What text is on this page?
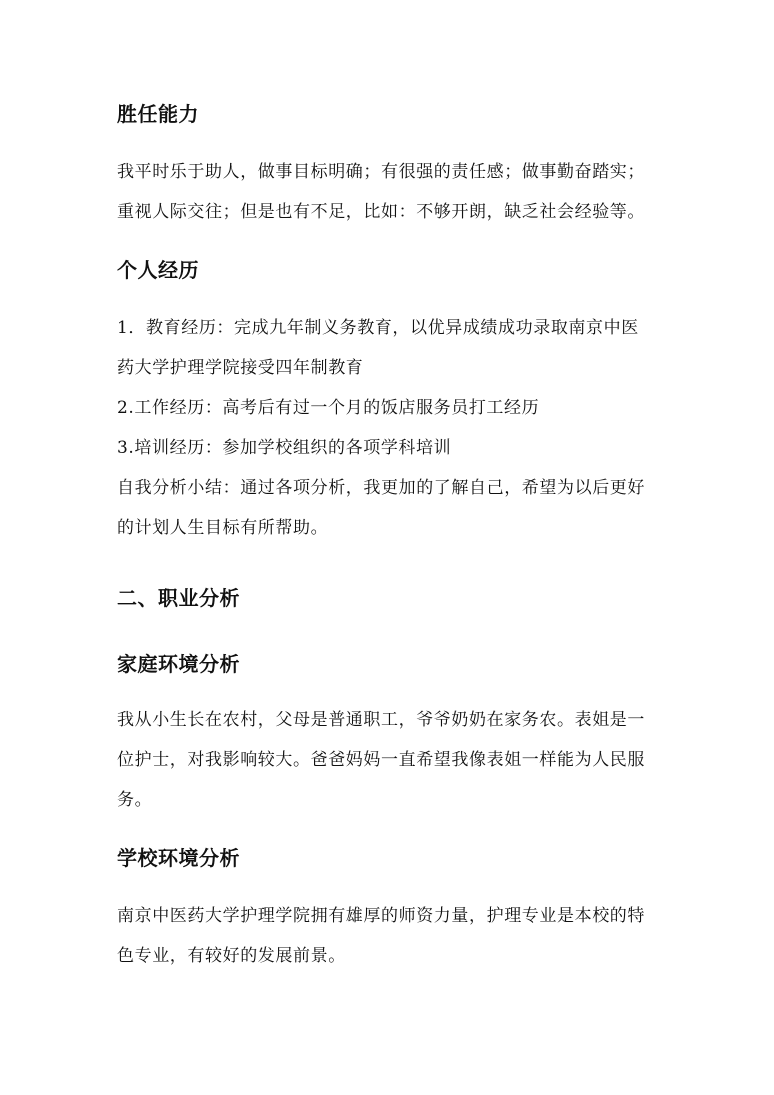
胜任能力
我平时乐于助人，做事目标明确；有很强的责任感；做事勤奋踏实；
重视人际交往；但是也有不足，比如：不够开朗，缺乏社会经验等。
个人经历
1．教育经历：完成九年制义务教育，以优异成绩成功录取南京中医
药大学护理学院接受四年制教育
2.工作经历：高考后有过一个月的饭店服务员打工经历
3.培训经历：参加学校组织的各项学科培训
自我分析小结：通过各项分析，我更加的了解自己，希望为以后更好
的计划人生目标有所帮助。
二、职业分析
家庭环境分析
我从小生长在农村，父母是普通职工，爷爷奶奶在家务农。表姐是一
位护士，对我影响较大。爸爸妈妈一直希望我像表姐一样能为人民服
务。
学校环境分析
南京中医药大学护理学院拥有雄厚的师资力量，护理专业是本校的特
色专业，有较好的发展前景。
